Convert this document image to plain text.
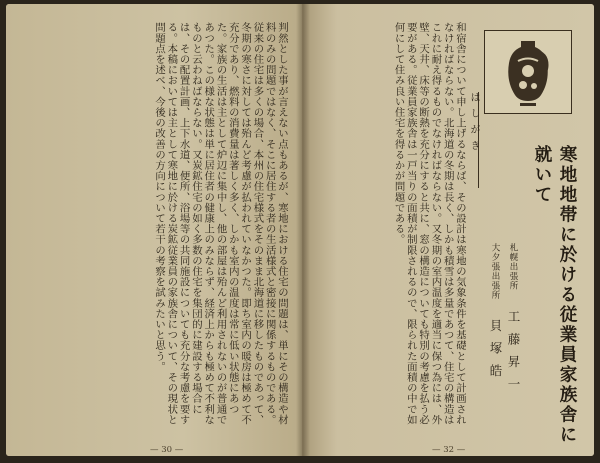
判然とした事が言えない点もあるが、寒地における住宅の問題は、単にその構造や材料のみの問題ではなく、そこに居住する者の生活様式と密接に関係するものである。従来の住宅は多くの場合、本州の住宅様式をそのまま北海道に移したものであって、冬期の寒さに対しては殆んど考慮が払われていなかつた。即ち室内の暖房は極めて不充分であり、燃料の消費量は著しく多く、しかも室内の温度は常に低い状態にあつた。家族の生活は主として炉辺に集中し、他の部屋は殆んど利用されないのが普通であつた。この様な状態は単に居住者の健康上のみならず、経済上からも極めて不利なものと云わねばならない。又炭鉱住宅の如く多数の住宅を集団的に建設する場合には、その配置計画、上下水道、便所、浴場等の共同施設についても充分な考慮を要する。本稿においては主として寒地に於ける炭鉱従業員の家族舎について、その現状と問題点を述べ、今後の改善の方向について若干の考察を試みたいと思う。	和宿舎について申し上げるならば、その設計は寒地の気象条件を基礎として計画されなければならない。北海道の冬期は長く、しかも積雪は多量であつて、住宅の構造はこれに耐え得るものでなければならない。又冬期の室内温度を適当に保つ為には、外壁、天井、床等の断熱を充分にすると共に、窓の構造についても特別の考慮を払う必要がある。従業員家族舎は一戸当りの面積が制限されるので、限られた面積の中で如何にして住み良い住宅を得るかが問題である。	はしがき
寒地地帯に於ける従業員家族舎に就いて
札幌出張所 工藤昇一
大夕張出張所 貝塚皓
— 30 —	— 32 —
